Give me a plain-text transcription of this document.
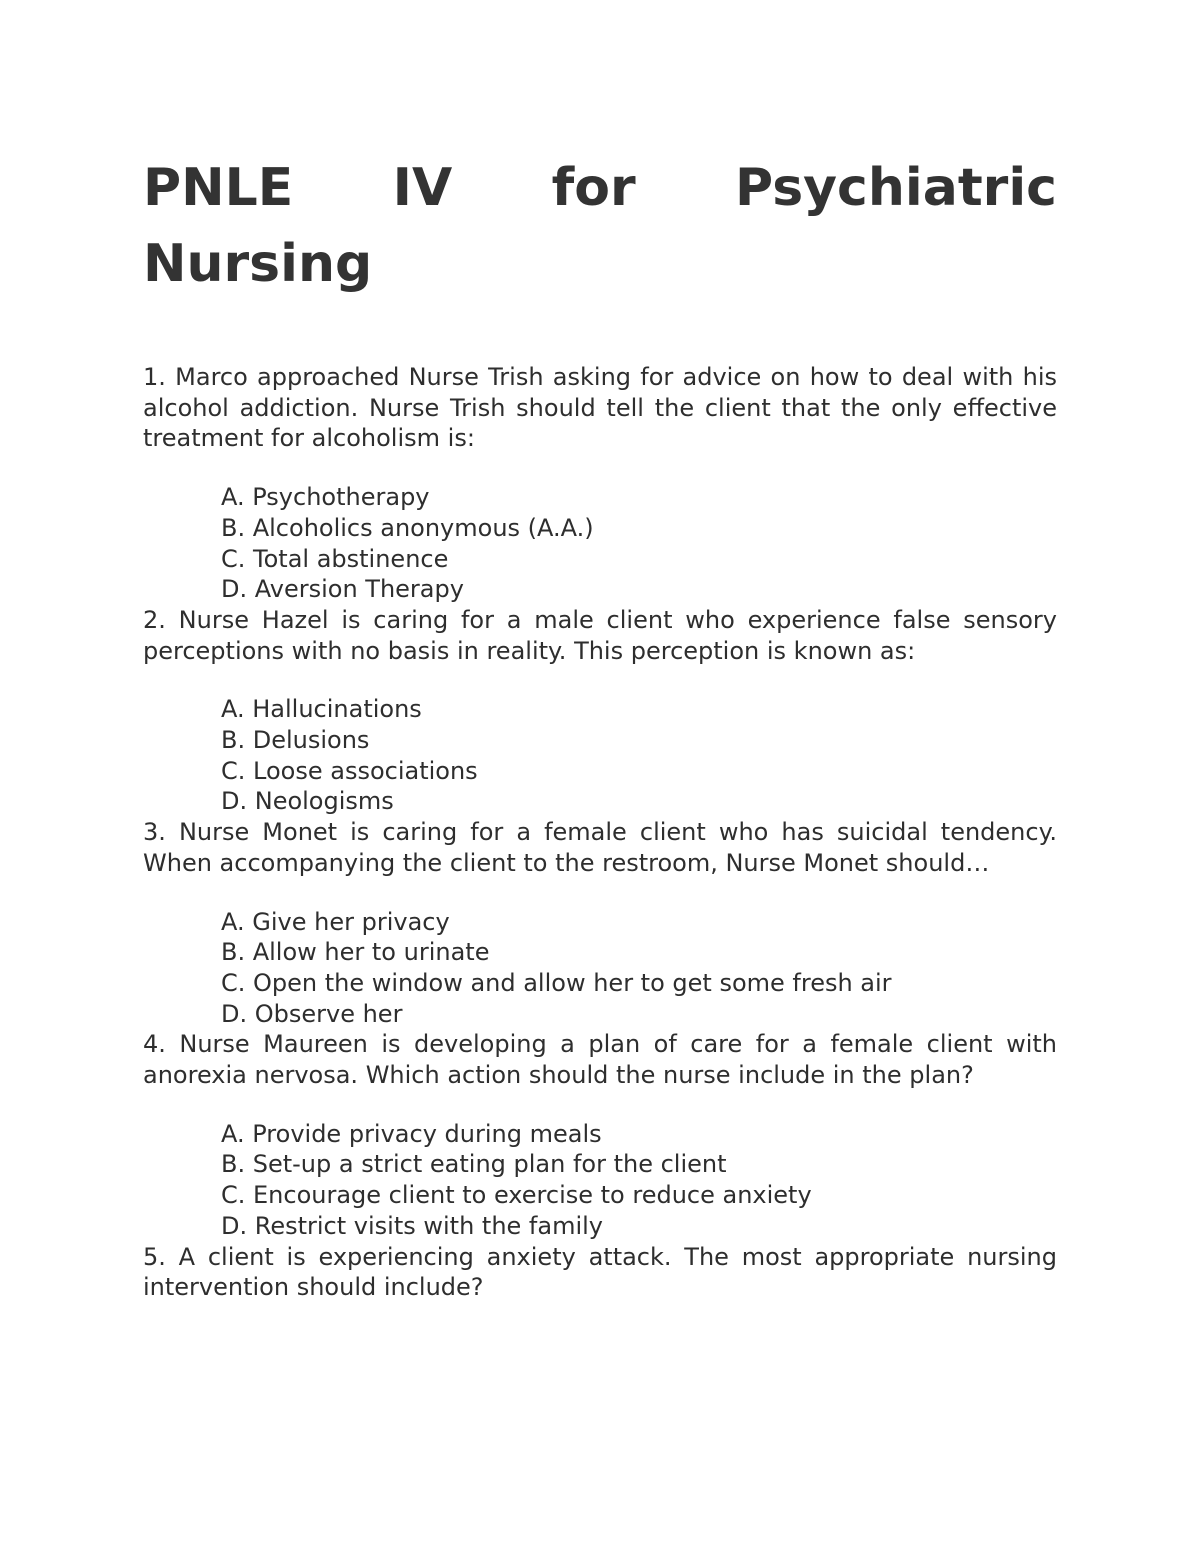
PNLE IV for Psychiatric
Nursing

1. Marco approached Nurse Trish asking for advice on how to deal with his alcohol addiction. Nurse Trish should tell the client that the only effective treatment for alcoholism is:

A. Psychotherapy
B. Alcoholics anonymous (A.A.)
C. Total abstinence
D. Aversion Therapy

2. Nurse Hazel is caring for a male client who experience false sensory perceptions with no basis in reality. This perception is known as:

A. Hallucinations
B. Delusions
C. Loose associations
D. Neologisms

3. Nurse Monet is caring for a female client who has suicidal tendency. When accompanying the client to the restroom, Nurse Monet should…

A. Give her privacy
B. Allow her to urinate
C. Open the window and allow her to get some fresh air
D. Observe her

4. Nurse Maureen is developing a plan of care for a female client with anorexia nervosa. Which action should the nurse include in the plan?

A. Provide privacy during meals
B. Set-up a strict eating plan for the client
C. Encourage client to exercise to reduce anxiety
D. Restrict visits with the family

5. A client is experiencing anxiety attack. The most appropriate nursing intervention should include?
